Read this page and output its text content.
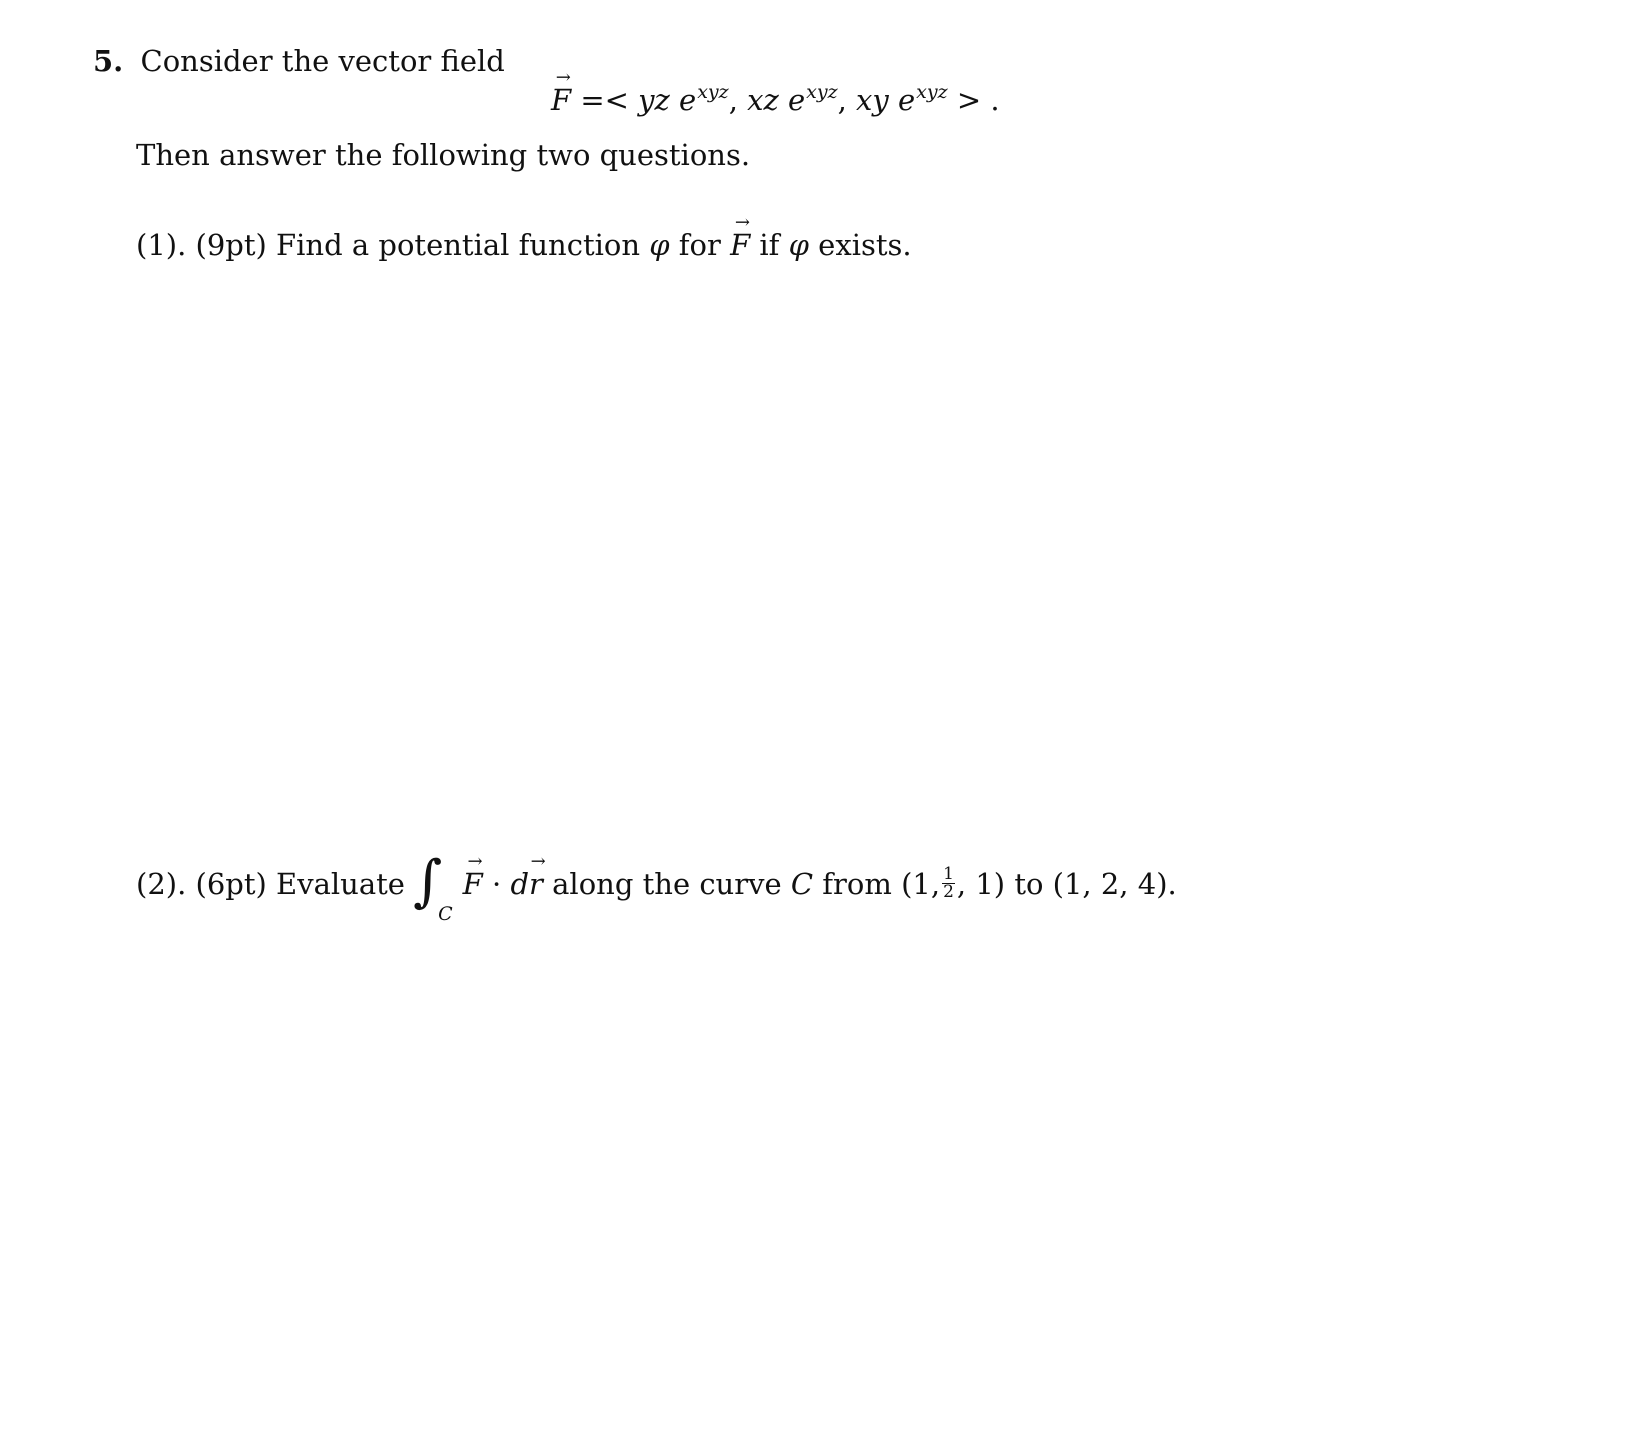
5. Consider the vector field	→
F =< yz $e^{xyz}$, xz $e^{xyz}$, xy $e^{xyz}$ > .
Then answer the following two questions.
(1). (9pt) Find a potential function φ for
→
F if φ exists.
(2). (6pt) Evaluate $\int_C$
→
F · d
→
r along the curve C from (1, $\frac{1}{2}$ , 1) to (1, 2, 4).
